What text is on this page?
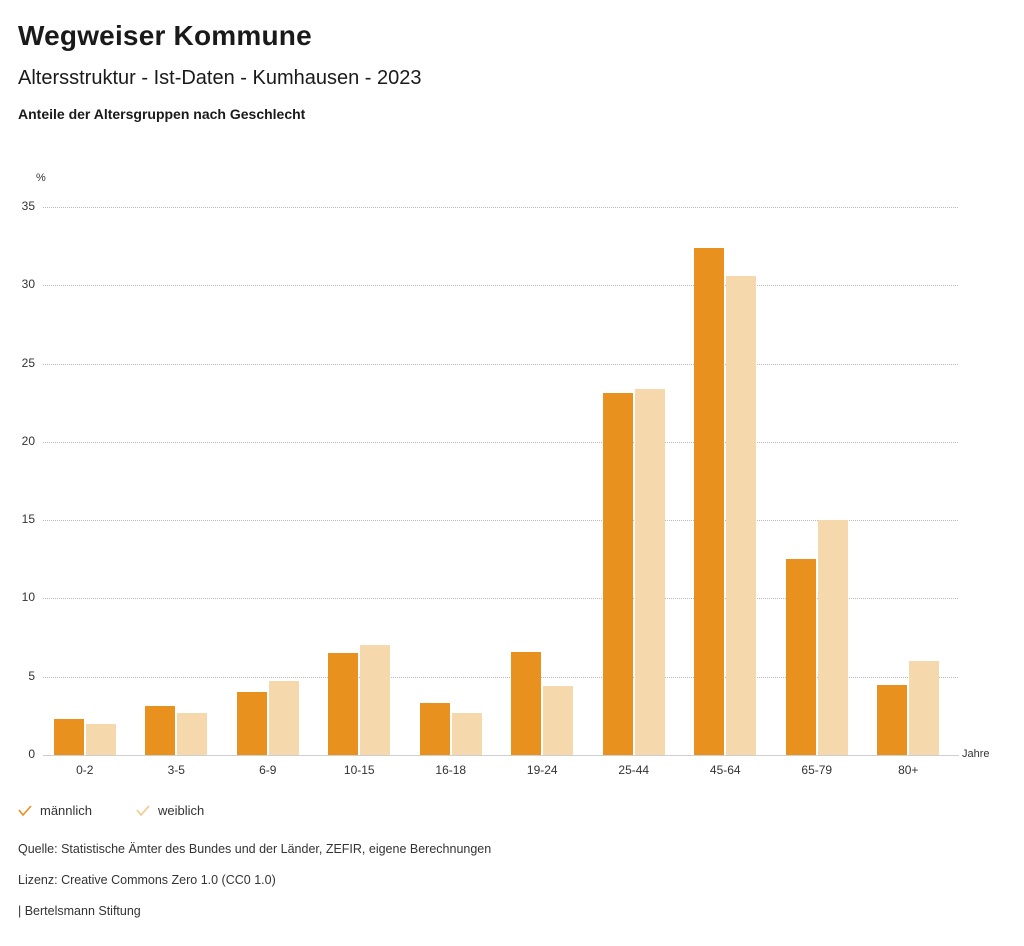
Wegweiser Kommune
Altersstruktur - Ist-Daten - Kumhausen - 2023
Anteile der Altersgruppen nach Geschlecht
%
Jahre
0
5
10
15
20
25
30
35
0-2	3-5	6-9	10-15	16-18	19-24	25-44	45-64	65-79	80+
männlich	weiblich
Quelle: Statistische Ämter des Bundes und der Länder, ZEFIR, eigene Berechnungen
Lizenz: Creative Commons Zero 1.0 (CC0 1.0)
| Bertelsmann Stiftung
